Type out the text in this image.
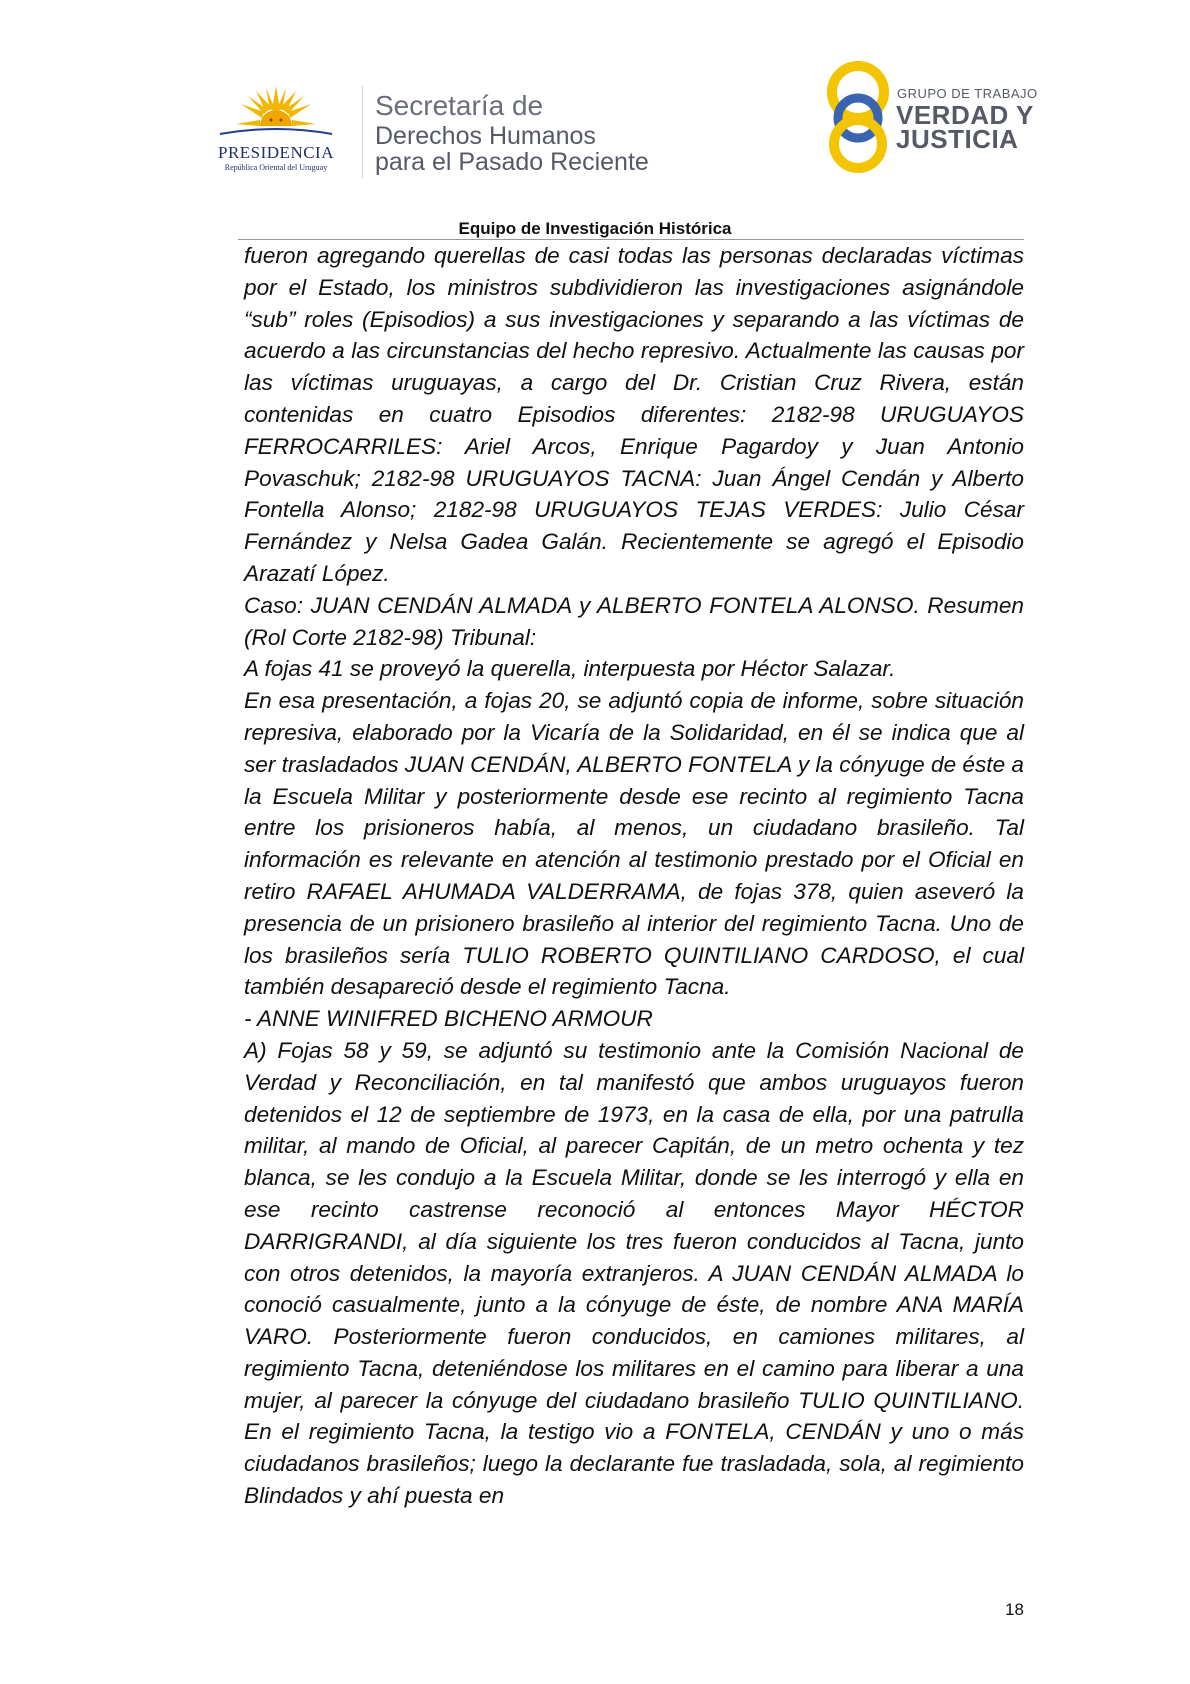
PRESIDENCIA
República Oriental del Uruguay
Secretaría de
Derechos Humanos
para el Pasado Reciente
GRUPO DE TRABAJO
VERDAD Y
JUSTICIA
Equipo de Investigación Histórica

fueron agregando querellas de casi todas las personas declaradas víctimas por el Estado, los ministros subdividieron las investigaciones asignándole “sub” roles (Episodios) a sus investigaciones y separando a las víctimas de acuerdo a las circunstancias del hecho represivo. Actualmente las causas por las víctimas uruguayas, a cargo del Dr. Cristian Cruz Rivera, están contenidas en cuatro Episodios diferentes: 2182-98 URUGUAYOS FERROCARRILES: Ariel Arcos, Enrique Pagardoy y Juan Antonio Povaschuk; 2182-98 URUGUAYOS TACNA: Juan Ángel Cendán y Alberto Fontella Alonso; 2182-98 URUGUAYOS TEJAS VERDES: Julio César Fernández y Nelsa Gadea Galán. Recientemente se agregó el Episodio Arazatí López.

Caso: JUAN CENDÁN ALMADA y ALBERTO FONTELA ALONSO. Resumen (Rol Corte 2182-98) Tribunal:

A fojas 41 se proveyó la querella, interpuesta por Héctor Salazar.

En esa presentación, a fojas 20, se adjuntó copia de informe, sobre situación represiva, elaborado por la Vicaría de la Solidaridad, en él se indica que al ser trasladados JUAN CENDÁN, ALBERTO FONTELA y la cónyuge de éste a la Escuela Militar y posteriormente desde ese recinto al regimiento Tacna entre los prisioneros había, al menos, un ciudadano brasileño. Tal información es relevante en atención al testimonio prestado por el Oficial en retiro RAFAEL AHUMADA VALDERRAMA, de fojas 378, quien aseveró la presencia de un prisionero brasileño al interior del regimiento Tacna. Uno de los brasileños sería TULIO ROBERTO QUINTILIANO CARDOSO, el cual también desapareció desde el regimiento Tacna.

- ANNE WINIFRED BICHENO ARMOUR

A) Fojas 58 y 59, se adjuntó su testimonio ante la Comisión Nacional de Verdad y Reconciliación, en tal manifestó que ambos uruguayos fueron detenidos el 12 de septiembre de 1973, en la casa de ella, por una patrulla militar, al mando de Oficial, al parecer Capitán, de un metro ochenta y tez blanca, se les condujo a la Escuela Militar, donde se les interrogó y ella en ese recinto castrense reconoció al entonces Mayor HÉCTOR DARRIGRANDI, al día siguiente los tres fueron conducidos al Tacna, junto con otros detenidos, la mayoría extranjeros. A JUAN CENDÁN ALMADA lo conoció casualmente, junto a la cónyuge de éste, de nombre ANA MARÍA VARO. Posteriormente fueron conducidos, en camiones militares, al regimiento Tacna, deteniéndose los militares en el camino para liberar a una mujer, al parecer la cónyuge del ciudadano brasileño TULIO QUINTILIANO. En el regimiento Tacna, la testigo vio a FONTELA, CENDÁN y uno o más ciudadanos brasileños; luego la declarante fue trasladada, sola, al regimiento Blindados y ahí puesta en

18
